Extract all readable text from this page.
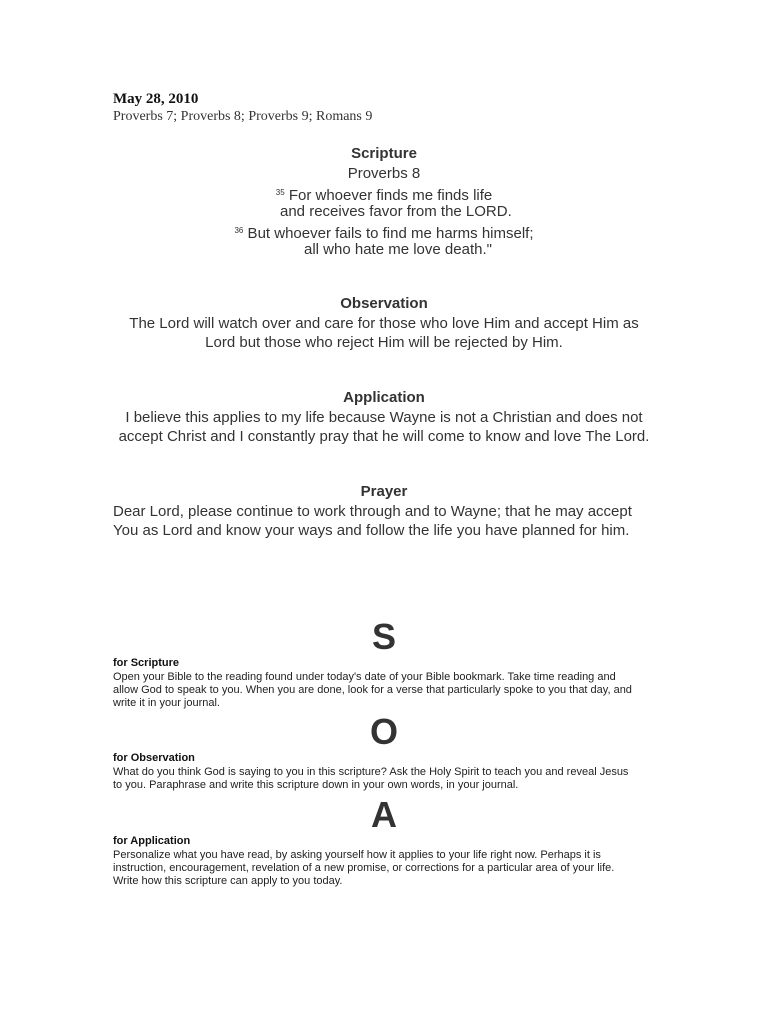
May 28, 2010
Proverbs 7; Proverbs 8; Proverbs 9; Romans 9
Scripture
Proverbs 8
$^{35}$ For whoever finds me finds life
and receives favor from the LORD.
$^{36}$ But whoever fails to find me harms himself;
all who hate me love death."
Observation
The Lord will watch over and care for those who love Him and accept Him as
Lord but those who reject Him will be rejected by Him.
Application
I believe this applies to my life because Wayne is not a Christian and does not
accept Christ and I constantly pray that he will come to know and love The Lord.
Prayer
Dear Lord, please continue to work through and to Wayne; that he may accept
You as Lord and know your ways and follow the life you have planned for him.
S
for Scripture
Open your Bible to the reading found under today's date of your Bible bookmark. Take time reading and
allow God to speak to you. When you are done, look for a verse that particularly spoke to you that day, and
write it in your journal.
O
for Observation
What do you think God is saying to you in this scripture? Ask the Holy Spirit to teach you and reveal Jesus
to you. Paraphrase and write this scripture down in your own words, in your journal.
A
for Application
Personalize what you have read, by asking yourself how it applies to your life right now. Perhaps it is
instruction, encouragement, revelation of a new promise, or corrections for a particular area of your life.
Write how this scripture can apply to you today.
